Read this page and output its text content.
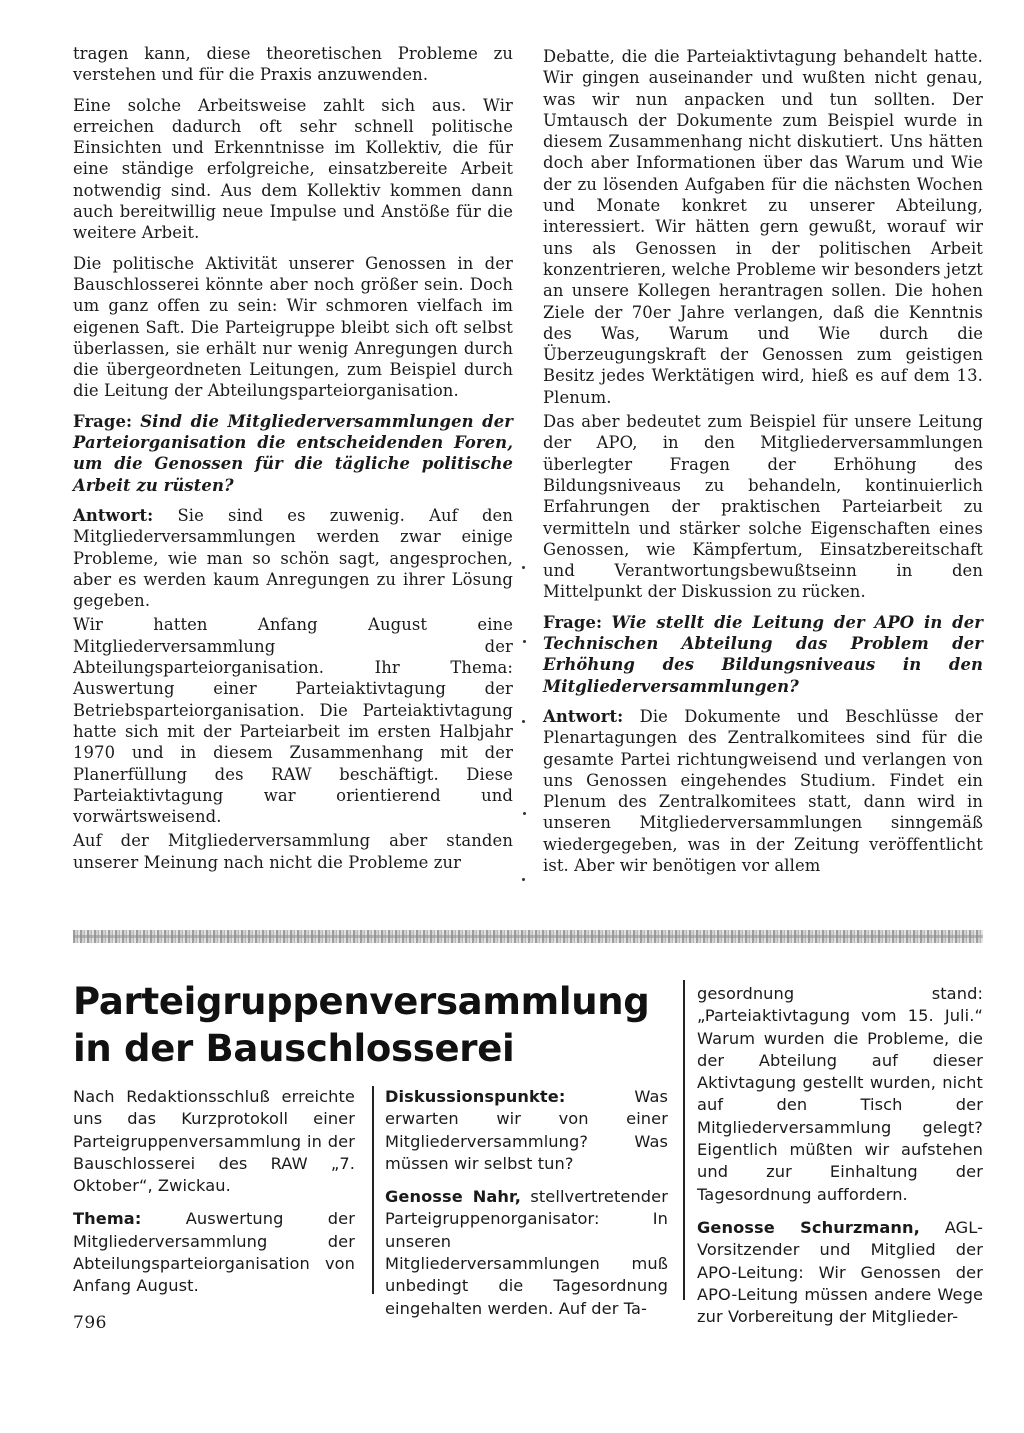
tragen kann, diese theoretischen Probleme zu verstehen und für die Praxis anzuwenden.

Eine solche Arbeitsweise zahlt sich aus. Wir erreichen dadurch oft sehr schnell politische Einsichten und Erkenntnisse im Kollektiv, die für eine ständige erfolgreiche, einsatzbereite Arbeit notwendig sind. Aus dem Kollektiv kommen dann auch bereitwillig neue Impulse und Anstöße für die weitere Arbeit.

Die politische Aktivität unserer Genossen in der Bauschlosserei könnte aber noch größer sein. Doch um ganz offen zu sein: Wir schmoren vielfach im eigenen Saft. Die Parteigruppe bleibt sich oft selbst überlassen, sie erhält nur wenig Anregungen durch die übergeordneten Leitungen, zum Beispiel durch die Leitung der Abteilungsparteiorganisation.

Frage: Sind die Mitgliederversammlungen der Parteiorganisation die entscheidenden Foren, um die Genossen für die tägliche politische Arbeit zu rüsten?

Antwort: Sie sind es zuwenig. Auf den Mitgliederversammlungen werden zwar einige Probleme, wie man so schön sagt, angesprochen, aber es werden kaum Anregungen zu ihrer Lösung gegeben.

Wir hatten Anfang August eine Mitgliederversammlung der Abteilungsparteiorganisation. Ihr Thema: Auswertung einer Parteiaktivtagung der Betriebsparteiorganisation. Die Parteiaktivtagung hatte sich mit der Parteiarbeit im ersten Halbjahr 1970 und in diesem Zusammenhang mit der Planerfüllung des RAW beschäftigt. Diese Parteiaktivtagung war orientierend und vorwärtsweisend.

Auf der Mitgliederversammlung aber standen unserer Meinung nach nicht die Probleme zur

Debatte, die die Parteiaktivtagung behandelt hatte. Wir gingen auseinander und wußten nicht genau, was wir nun anpacken und tun sollten. Der Umtausch der Dokumente zum Beispiel wurde in diesem Zusammenhang nicht diskutiert. Uns hätten doch aber Informationen über das Warum und Wie der zu lösenden Aufgaben für die nächsten Wochen und Monate konkret zu unserer Abteilung, interessiert. Wir hätten gern gewußt, worauf wir uns als Genossen in der politischen Arbeit konzentrieren, welche Probleme wir besonders jetzt an unsere Kollegen herantragen sollen. Die hohen Ziele der 70er Jahre verlangen, daß die Kenntnis des Was, Warum und Wie durch die Überzeugungskraft der Genossen zum geistigen Besitz jedes Werktätigen wird, hieß es auf dem 13. Plenum.

Das aber bedeutet zum Beispiel für unsere Leitung der APO, in den Mitgliederversammlungen überlegter Fragen der Erhöhung des Bildungsniveaus zu behandeln, kontinuierlich Erfahrungen der praktischen Parteiarbeit zu vermitteln und stärker solche Eigenschaften eines Genossen, wie Kämpfertum, Einsatzbereitschaft und Verantwortungsbewußtseinn in den Mittelpunkt der Diskussion zu rücken.

Frage: Wie stellt die Leitung der APO in der Technischen Abteilung das Problem der Erhöhung des Bildungsniveaus in den Mitgliederversammlungen?

Antwort: Die Dokumente und Beschlüsse der Plenartagungen des Zentralkomitees sind für die gesamte Partei richtungweisend und verlangen von uns Genossen eingehendes Studium. Findet ein Plenum des Zentralkomitees statt, dann wird in unseren Mitgliederversammlungen sinngemäß wiedergegeben, was in der Zeitung veröffentlicht ist. Aber wir benötigen vor allem

Parteigruppenversammlung
in der Bauschlosserei

Nach Redaktionsschluß erreichte uns das Kurzprotokoll einer Parteigruppenversammlung in der Bauschlosserei des RAW „7. Oktober“, Zwickau.

Thema:	Auswertung der Mitgliederversammlung der Abteilungsparteiorganisation von Anfang August.

Diskussionspunkte:	Was erwarten wir von einer Mitgliederversammlung? Was müssen wir selbst tun?

Genosse Nahr, stellvertretender Parteigruppenorganisator: In unseren Mitgliederversammlungen muß unbedingt die Tagesordnung eingehalten werden. Auf der Ta-

gesordnung stand: „Parteiaktivtagung vom 15. Juli.“ Warum wurden die Probleme, die der Abteilung auf dieser Aktivtagung gestellt wurden, nicht auf den Tisch der Mitgliederversammlung gelegt? Eigentlich müßten wir aufstehen und zur Einhaltung der Tagesordnung auffordern.

Genosse Schurzmann, AGL-Vorsitzender und Mitglied der APO-Leitung: Wir Genossen der APO-Leitung müssen andere Wege zur Vorbereitung der Mitglieder-

796
